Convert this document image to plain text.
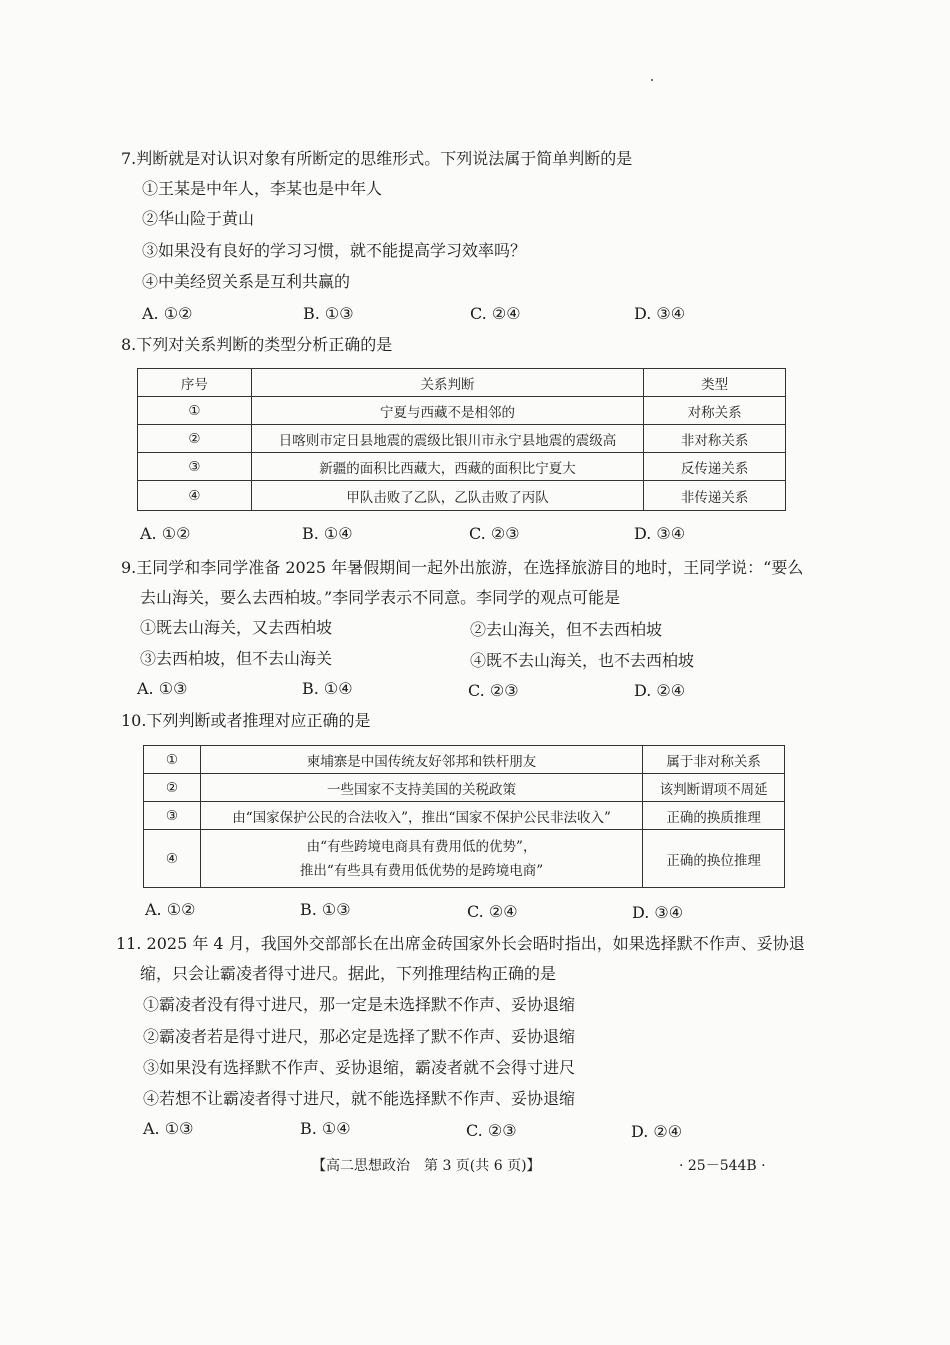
7.判断就是对认识对象有所断定的思维形式。下列说法属于简单判断的是
①王某是中年人，李某也是中年人
②华山险于黄山
③如果没有良好的学习习惯，就不能提高学习效率吗？
④中美经贸关系是互利共赢的
A. ①②	B. ①③	C. ②④	D. ③④
8.下列对关系判断的类型分析正确的是
序号	关系判断	类型
①	宁夏与西藏不是相邻的	对称关系
②	日喀则市定日县地震的震级比银川市永宁县地震的震级高	非对称关系
③	新疆的面积比西藏大，西藏的面积比宁夏大	反传递关系
④	甲队击败了乙队，乙队击败了丙队	非传递关系
A. ①②	B. ①④	C. ②③	D. ③④
9.王同学和李同学准备 2025 年暑假期间一起外出旅游，在选择旅游目的地时，王同学说：“要么
去山海关，要么去西柏坡。”李同学表示不同意。李同学的观点可能是
①既去山海关，又去西柏坡	②去山海关，但不去西柏坡
③去西柏坡，但不去山海关	④既不去山海关，也不去西柏坡
A. ①③	B. ①④	C. ②③	D. ②④
10.下列判断或者推理对应正确的是
①	柬埔寨是中国传统友好邻邦和铁杆朋友	属于非对称关系
②	一些国家不支持美国的关税政策	该判断谓项不周延
③	由“国家保护公民的合法收入”，推出“国家不保护公民非法收入”	正确的换质推理
④	由“有些跨境电商具有费用低的优势”，
推出“有些具有费用低优势的是跨境电商”	正确的换位推理
A. ①②	B. ①③	C. ②④	D. ③④
11. 2025 年 4 月，我国外交部部长在出席金砖国家外长会晤时指出，如果选择默不作声、妥协退
缩，只会让霸凌者得寸进尺。据此，下列推理结构正确的是
①霸凌者没有得寸进尺，那一定是未选择默不作声、妥协退缩
②霸凌者若是得寸进尺，那必定是选择了默不作声、妥协退缩
③如果没有选择默不作声、妥协退缩，霸凌者就不会得寸进尺
④若想不让霸凌者得寸进尺，就不能选择默不作声、妥协退缩
A. ①③	B. ①④	C. ②③	D. ②④
【高二思想政治　第 3 页(共 6 页)】	· 25－544B ·
